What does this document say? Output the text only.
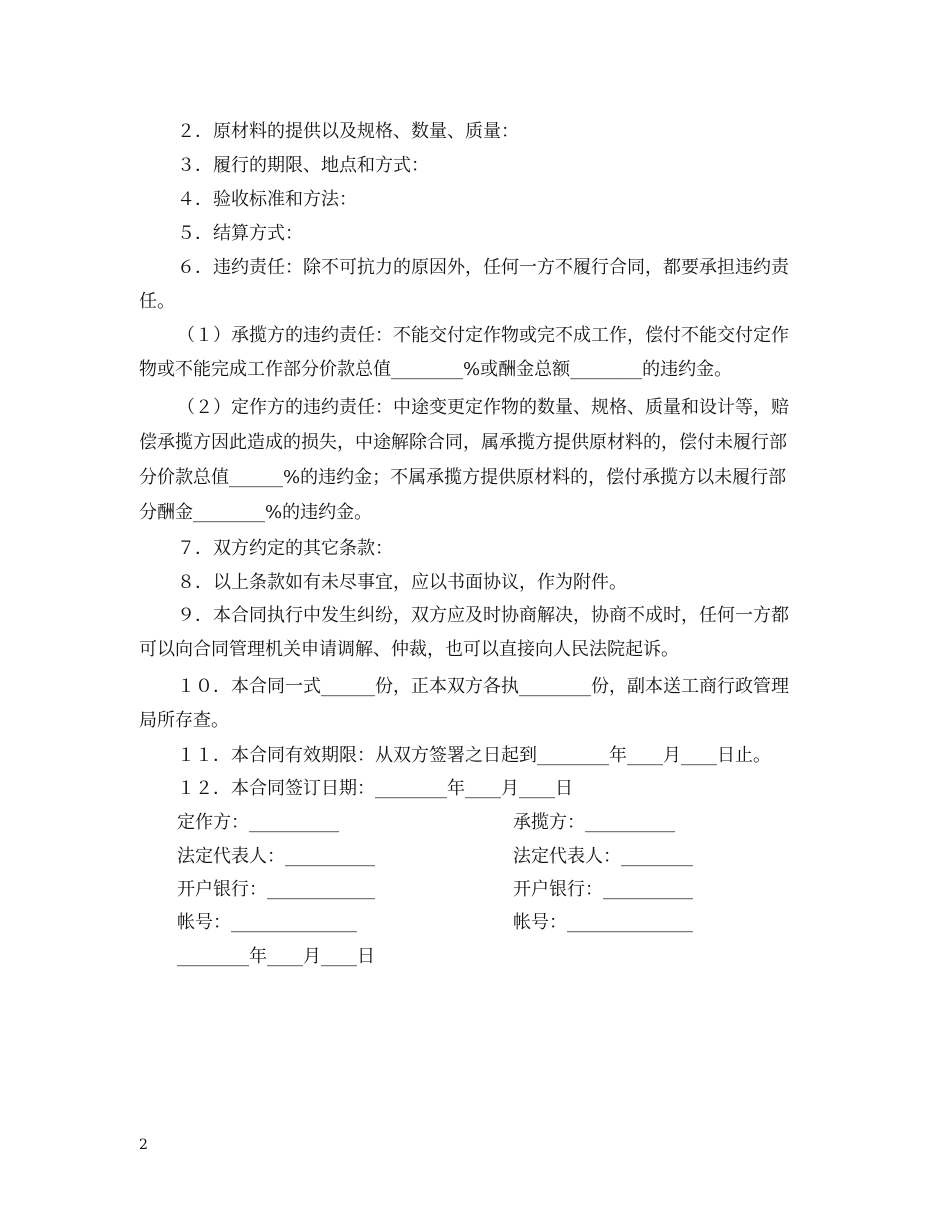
２．原材料的提供以及规格、数量、质量：
３．履行的期限、地点和方式：
４．验收标准和方法：
５．结算方式：
６．违约责任：除不可抗力的原因外，任何一方不履行合同，都要承担违约责
任。
（１）承揽方的违约责任：不能交付定作物或完不成工作，偿付不能交付定作
物或不能完成工作部分价款总值________%或酬金总额________的违约金。
（２）定作方的违约责任：中途变更定作物的数量、规格、质量和设计等，赔
偿承揽方因此造成的损失，中途解除合同，属承揽方提供原材料的，偿付未履行部
分价款总值______%的违约金；不属承揽方提供原材料的，偿付承揽方以未履行部
分酬金________%的违约金。
７．双方约定的其它条款：
８．以上条款如有未尽事宜，应以书面协议，作为附件。
９．本合同执行中发生纠纷，双方应及时协商解决，协商不成时，任何一方都
可以向合同管理机关申请调解、仲裁，也可以直接向人民法院起诉。
１０．本合同一式______份，正本双方各执________份，副本送工商行政管理
局所存查。
１１．本合同有效期限：从双方签署之日起到________年____月____日止。
１２．本合同签订日期：________年____月____日
定作方：__________	承揽方：__________
法定代表人：__________	法定代表人：________
开户银行：____________	开户银行：__________
帐号：______________	帐号：______________
________年____月____日
2
